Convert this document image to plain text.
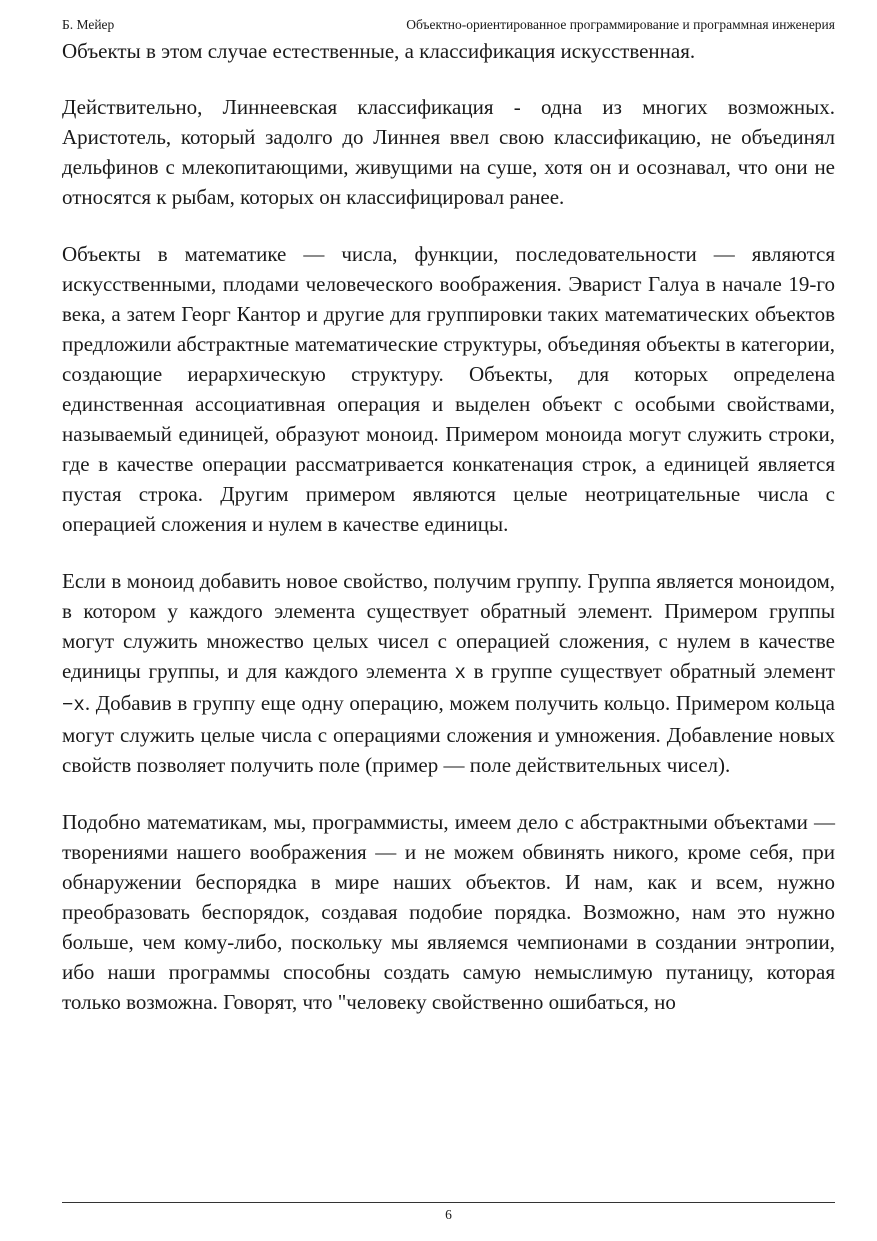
Б. Мейер	Объектно-ориентированное программирование и программная инженерия

Объекты в этом случае естественные, а классификация искусственная.

Действительно, Линнеевская классификация - одна из многих возможных. Аристотель, который задолго до Линнея ввел свою классификацию, не объединял дельфинов с млекопитающими, живущими на суше, хотя он и осознавал, что они не относятся к рыбам, которых он классифицировал ранее.

Объекты в математике — числа, функции, последовательности — являются искусственными, плодами человеческого воображения. Эварист Галуа в начале 19-го века, а затем Георг Кантор и другие для группировки таких математических объектов предложили абстрактные математические структуры, объединяя объекты в категории, создающие иерархическую структуру. Объекты, для которых определена единственная ассоциативная операция и выделен объект с особыми свойствами, называемый единицей, образуют моноид. Примером моноида могут служить строки, где в качестве операции рассматривается конкатенация строк, а единицей является пустая строка. Другим примером являются целые неотрицательные числа с операцией сложения и нулем в качестве единицы.

Если в моноид добавить новое свойство, получим группу. Группа является моноидом, в котором у каждого элемента существует обратный элемент. Примером группы могут служить множество целых чисел с операцией сложения, с нулем в качестве единицы группы, и для каждого элемента x в группе существует обратный элемент −x. Добавив в группу еще одну операцию, можем получить кольцо. Примером кольца могут служить целые числа с операциями сложения и умножения. Добавление новых свойств позволяет получить поле (пример — поле действительных чисел).

Подобно математикам, мы, программисты, имеем дело с абстрактными объектами — творениями нашего воображения — и не можем обвинять никого, кроме себя, при обнаружении беспорядка в мире наших объектов. И нам, как и всем, нужно преобразовать беспорядок, создавая подобие порядка. Возможно, нам это нужно больше, чем кому-либо, поскольку мы являемся чемпионами в создании энтропии, ибо наши программы способны создать самую немыслимую путаницу, которая только возможна. Говорят, что "человеку свойственно ошибаться, но

6
